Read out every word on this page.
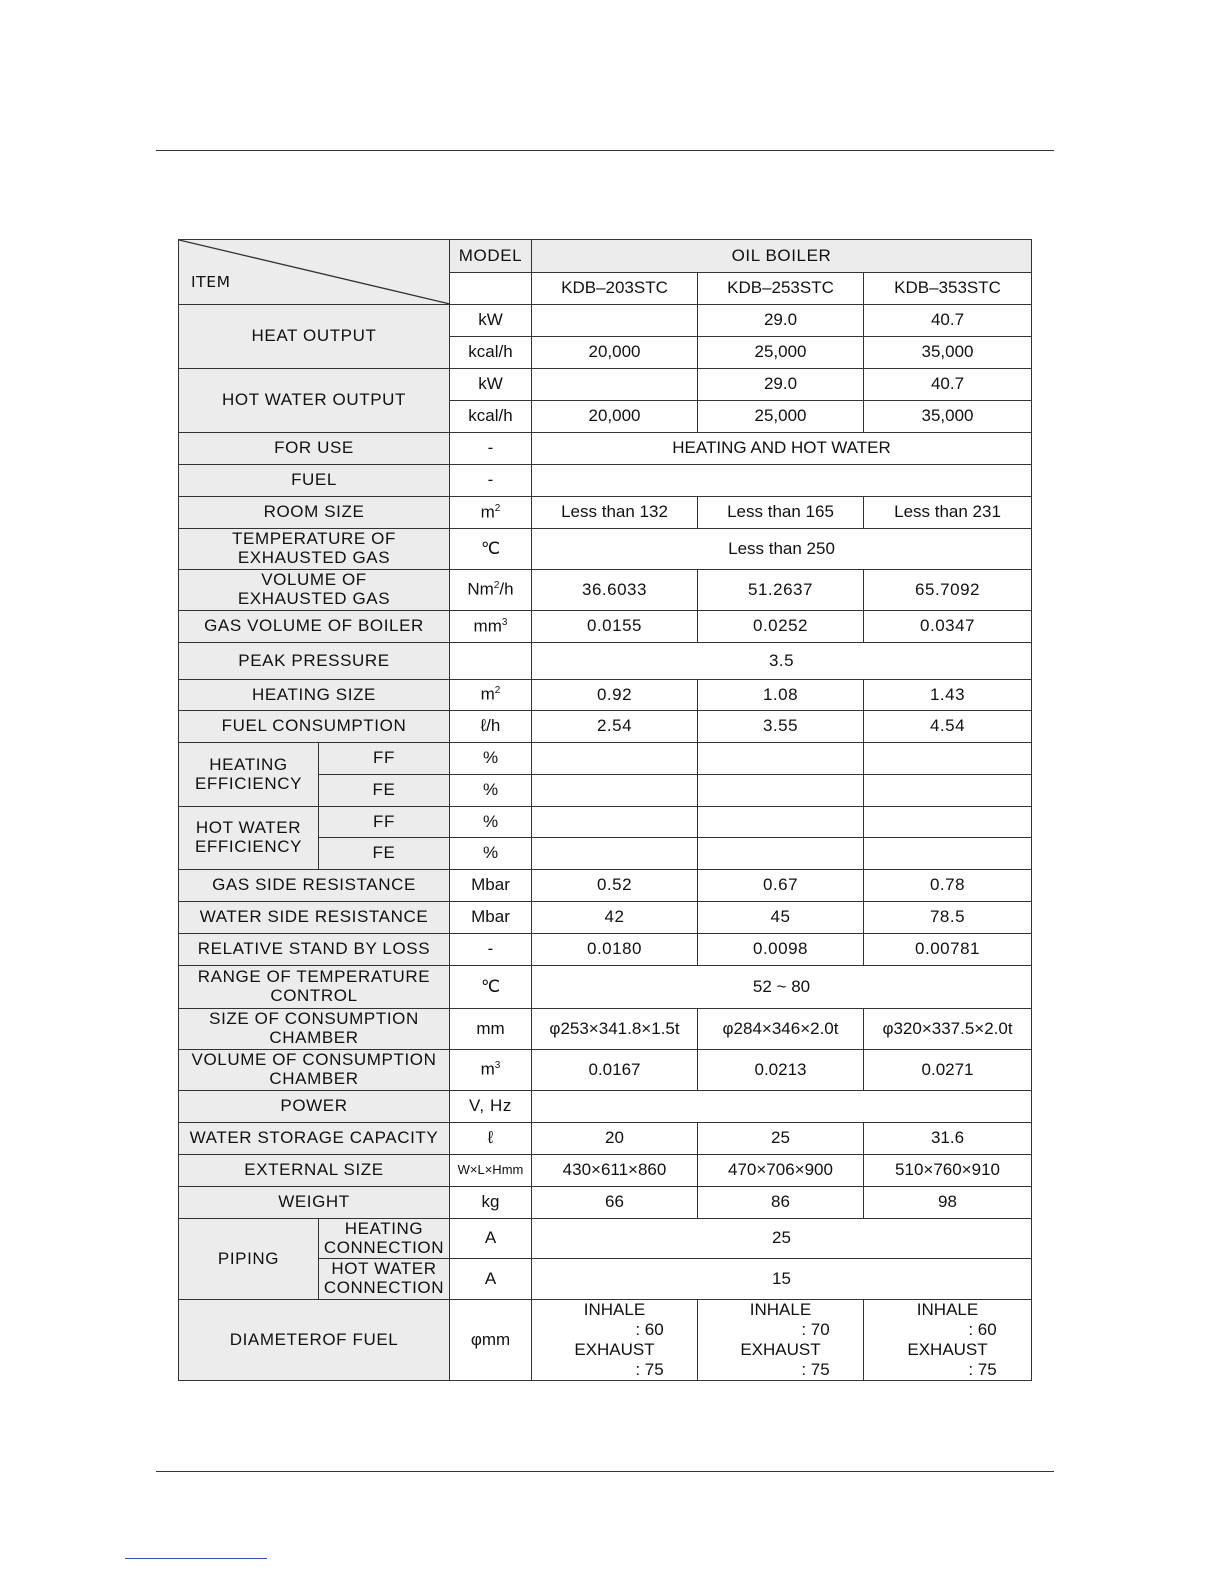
ITEM		MODEL	OIL BOILER		
			KDB–203STC	KDB–253STC	KDB–353STC
HEAT OUTPUT		kW		29.0	40.7
		kcal/h	20,000	25,000	35,000
HOT WATER OUTPUT		kW		29.0	40.7
		kcal/h	20,000	25,000	35,000
FOR USE		-	HEATING AND HOT WATER		
FUEL		-			
ROOM SIZE		$m^2$	Less than 132	Less than 165	Less than 231
TEMPERATURE OF
EXHAUSTED GAS		℃	Less than 250		
VOLUME OF
EXHAUSTED GAS		Nm$^2$/h	36.6033	51.2637	65.7092
GAS VOLUME OF BOILER		$mm^3$	0.0155	0.0252	0.0347
PEAK PRESSURE			3.5		
HEATING SIZE		$m^2$	0.92	1.08	1.43
FUEL CONSUMPTION		ℓ/h	2.54	3.55	4.54
HEATING
EFFICIENCY	FF	%			
	FE	%			
HOT WATER
EFFICIENCY	FF	%			
	FE	%			
GAS SIDE RESISTANCE		Mbar	0.52	0.67	0.78
WATER SIDE RESISTANCE		Mbar	42	45	78.5
RELATIVE STAND BY LOSS		-	0.0180	0.0098	0.00781
RANGE OF TEMPERATURE
CONTROL		℃	52 ~ 80		
SIZE OF CONSUMPTION
CHAMBER		mm	φ253×341.8×1.5t	φ284×346×2.0t	φ320×337.5×2.0t
VOLUME OF CONSUMPTION
CHAMBER		$m^3$	0.0167	0.0213	0.0271
POWER		V, Hz			
WATER STORAGE CAPACITY		ℓ	20	25	31.6
EXTERNAL SIZE		W×L×Hmm	430×611×860	470×706×900	510×760×910
WEIGHT		kg	66	86	98
PIPING	HEATING
CONNECTION	A	25		
	HOT WATER
CONNECTION	A	15		
DIAMETEROF FUEL		φmm	INHALE
: 60
EXHAUST
: 75	INHALE
: 70
EXHAUST
: 75	INHALE
: 60
EXHAUST
: 75
